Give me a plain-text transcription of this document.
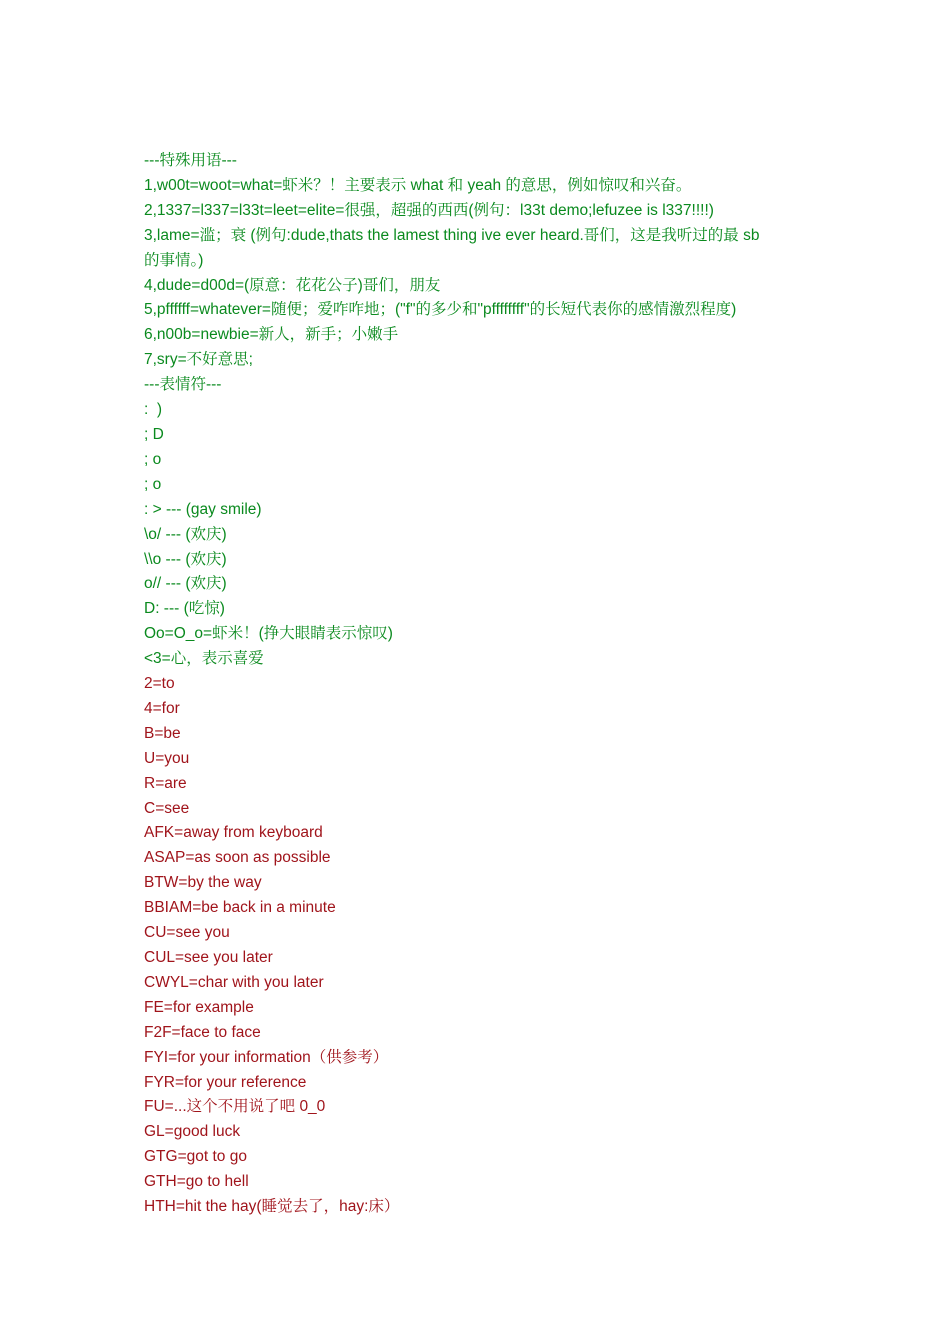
---特殊用语---

1,w00t=woot=what=虾米？！主要表示 what 和 yeah 的意思，例如惊叹和兴奋。

2,1337=l337=l33t=leet=elite=很强，超强的西西(例句：l33t demo;lefuzee is l337!!!!)

3,lame=滥；衰 (例句:dude,thats the lamest thing ive ever heard.哥们，这是我听过的最 sb

的事情。)

4,dude=d00d=(原意：花花公子)哥们，朋友

5,pffffff=whatever=随便；爱咋咋地；("f"的多少和"pffffffff"的长短代表你的感情激烈程度)

6,n00b=newbie=新人，新手；小嫩手

7,sry=不好意思;

---表情符---

:  )

; D

; o

; o

: > --- (gay smile)

\o/ --- (欢庆)

\\o --- (欢庆)

o// --- (欢庆)

D: --- (吃惊)

Oo=O_o=虾米！(挣大眼睛表示惊叹)

<3=心，表示喜爱

2=to

4=for

B=be

U=you

R=are

C=see

AFK=away from keyboard

ASAP=as soon as possible

BTW=by the way

BBIAM=be back in a minute

CU=see you

CUL=see you later

CWYL=char with you later

FE=for example

F2F=face to face

FYI=for your information（供参考）

FYR=for your reference

FU=...这个不用说了吧 0_0

GL=good luck

GTG=got to go

GTH=go to hell

HTH=hit the hay(睡觉去了，hay:床）
